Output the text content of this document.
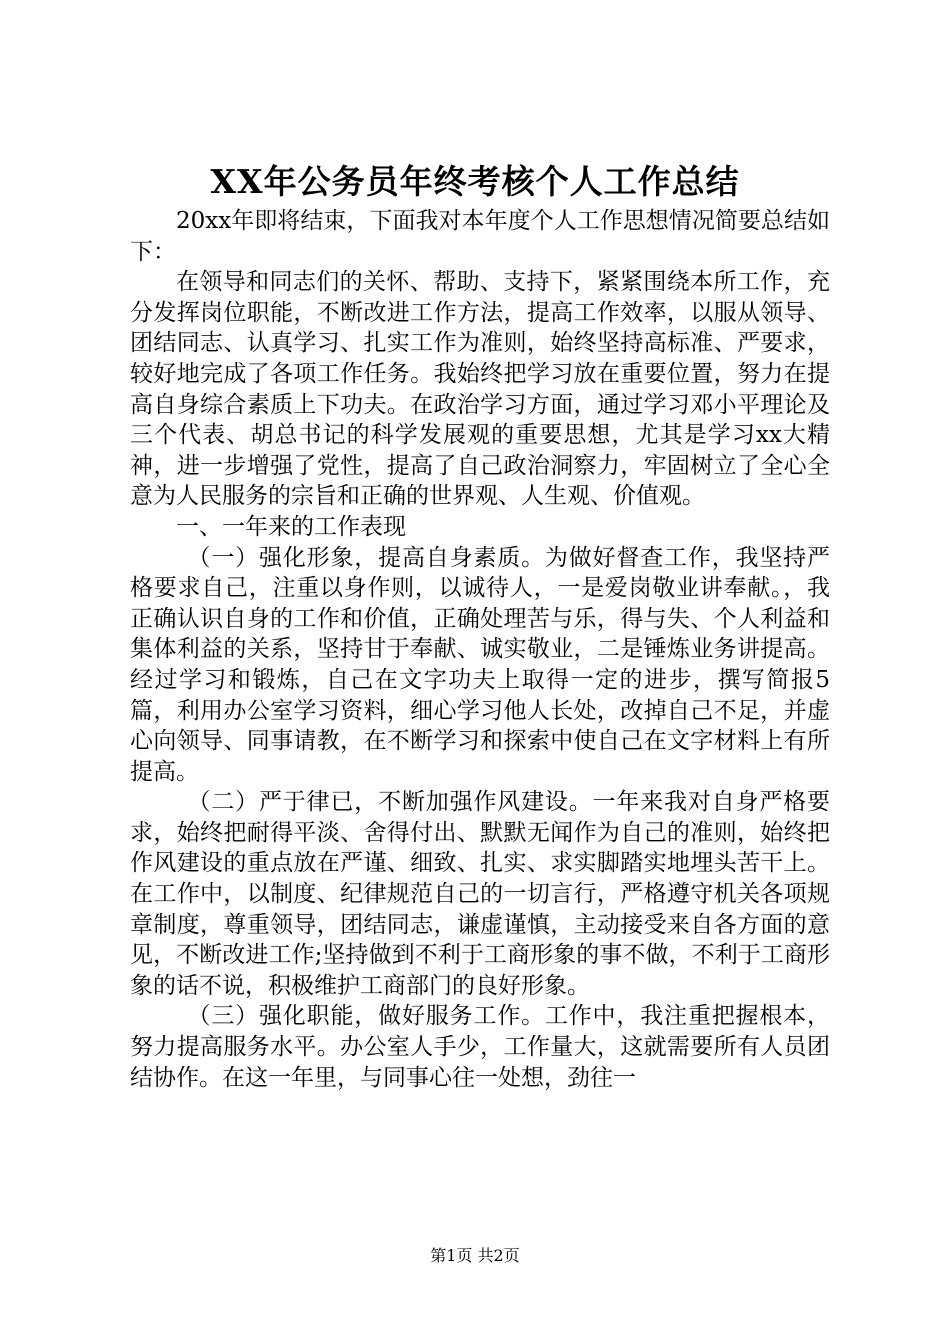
XX年公务员年终考核个人工作总结

20xx年即将结束，下面我对本年度个人工作思想情况简要总结如下：

在领导和同志们的关怀、帮助、支持下，紧紧围绕本所工作，充分发挥岗位职能，不断改进工作方法，提高工作效率，以服从领导、团结同志、认真学习、扎实工作为准则，始终坚持高标准、严要求，较好地完成了各项工作任务。我始终把学习放在重要位置，努力在提高自身综合素质上下功夫。在政治学习方面，通过学习邓小平理论及三个代表、胡总书记的科学发展观的重要思想，尤其是学习xx大精神，进一步增强了党性，提高了自己政治洞察力，牢固树立了全心全意为人民服务的宗旨和正确的世界观、人生观、价值观。

一、一年来的工作表现

（一）强化形象，提高自身素质。为做好督查工作，我坚持严格要求自己，注重以身作则，以诚待人，一是爱岗敬业讲奉献。，我正确认识自身的工作和价值，正确处理苦与乐，得与失、个人利益和集体利益的关系，坚持甘于奉献、诚实敬业，二是锤炼业务讲提高。经过学习和锻炼，自己在文字功夫上取得一定的进步，撰写简报5篇，利用办公室学习资料，细心学习他人长处，改掉自己不足，并虚心向领导、同事请教，在不断学习和探索中使自己在文字材料上有所提高。

（二）严于律已，不断加强作风建设。一年来我对自身严格要求，始终把耐得平淡、舍得付出、默默无闻作为自己的准则，始终把作风建设的重点放在严谨、细致、扎实、求实脚踏实地埋头苦干上。在工作中，以制度、纪律规范自己的一切言行，严格遵守机关各项规章制度，尊重领导，团结同志，谦虚谨慎，主动接受来自各方面的意见，不断改进工作;坚持做到不利于工商形象的事不做，不利于工商形象的话不说，积极维护工商部门的良好形象。

（三）强化职能，做好服务工作。工作中，我注重把握根本，努力提高服务水平。办公室人手少，工作量大，这就需要所有人员团结协作。在这一年里，与同事心往一处想，劲往一

第1页 共2页
